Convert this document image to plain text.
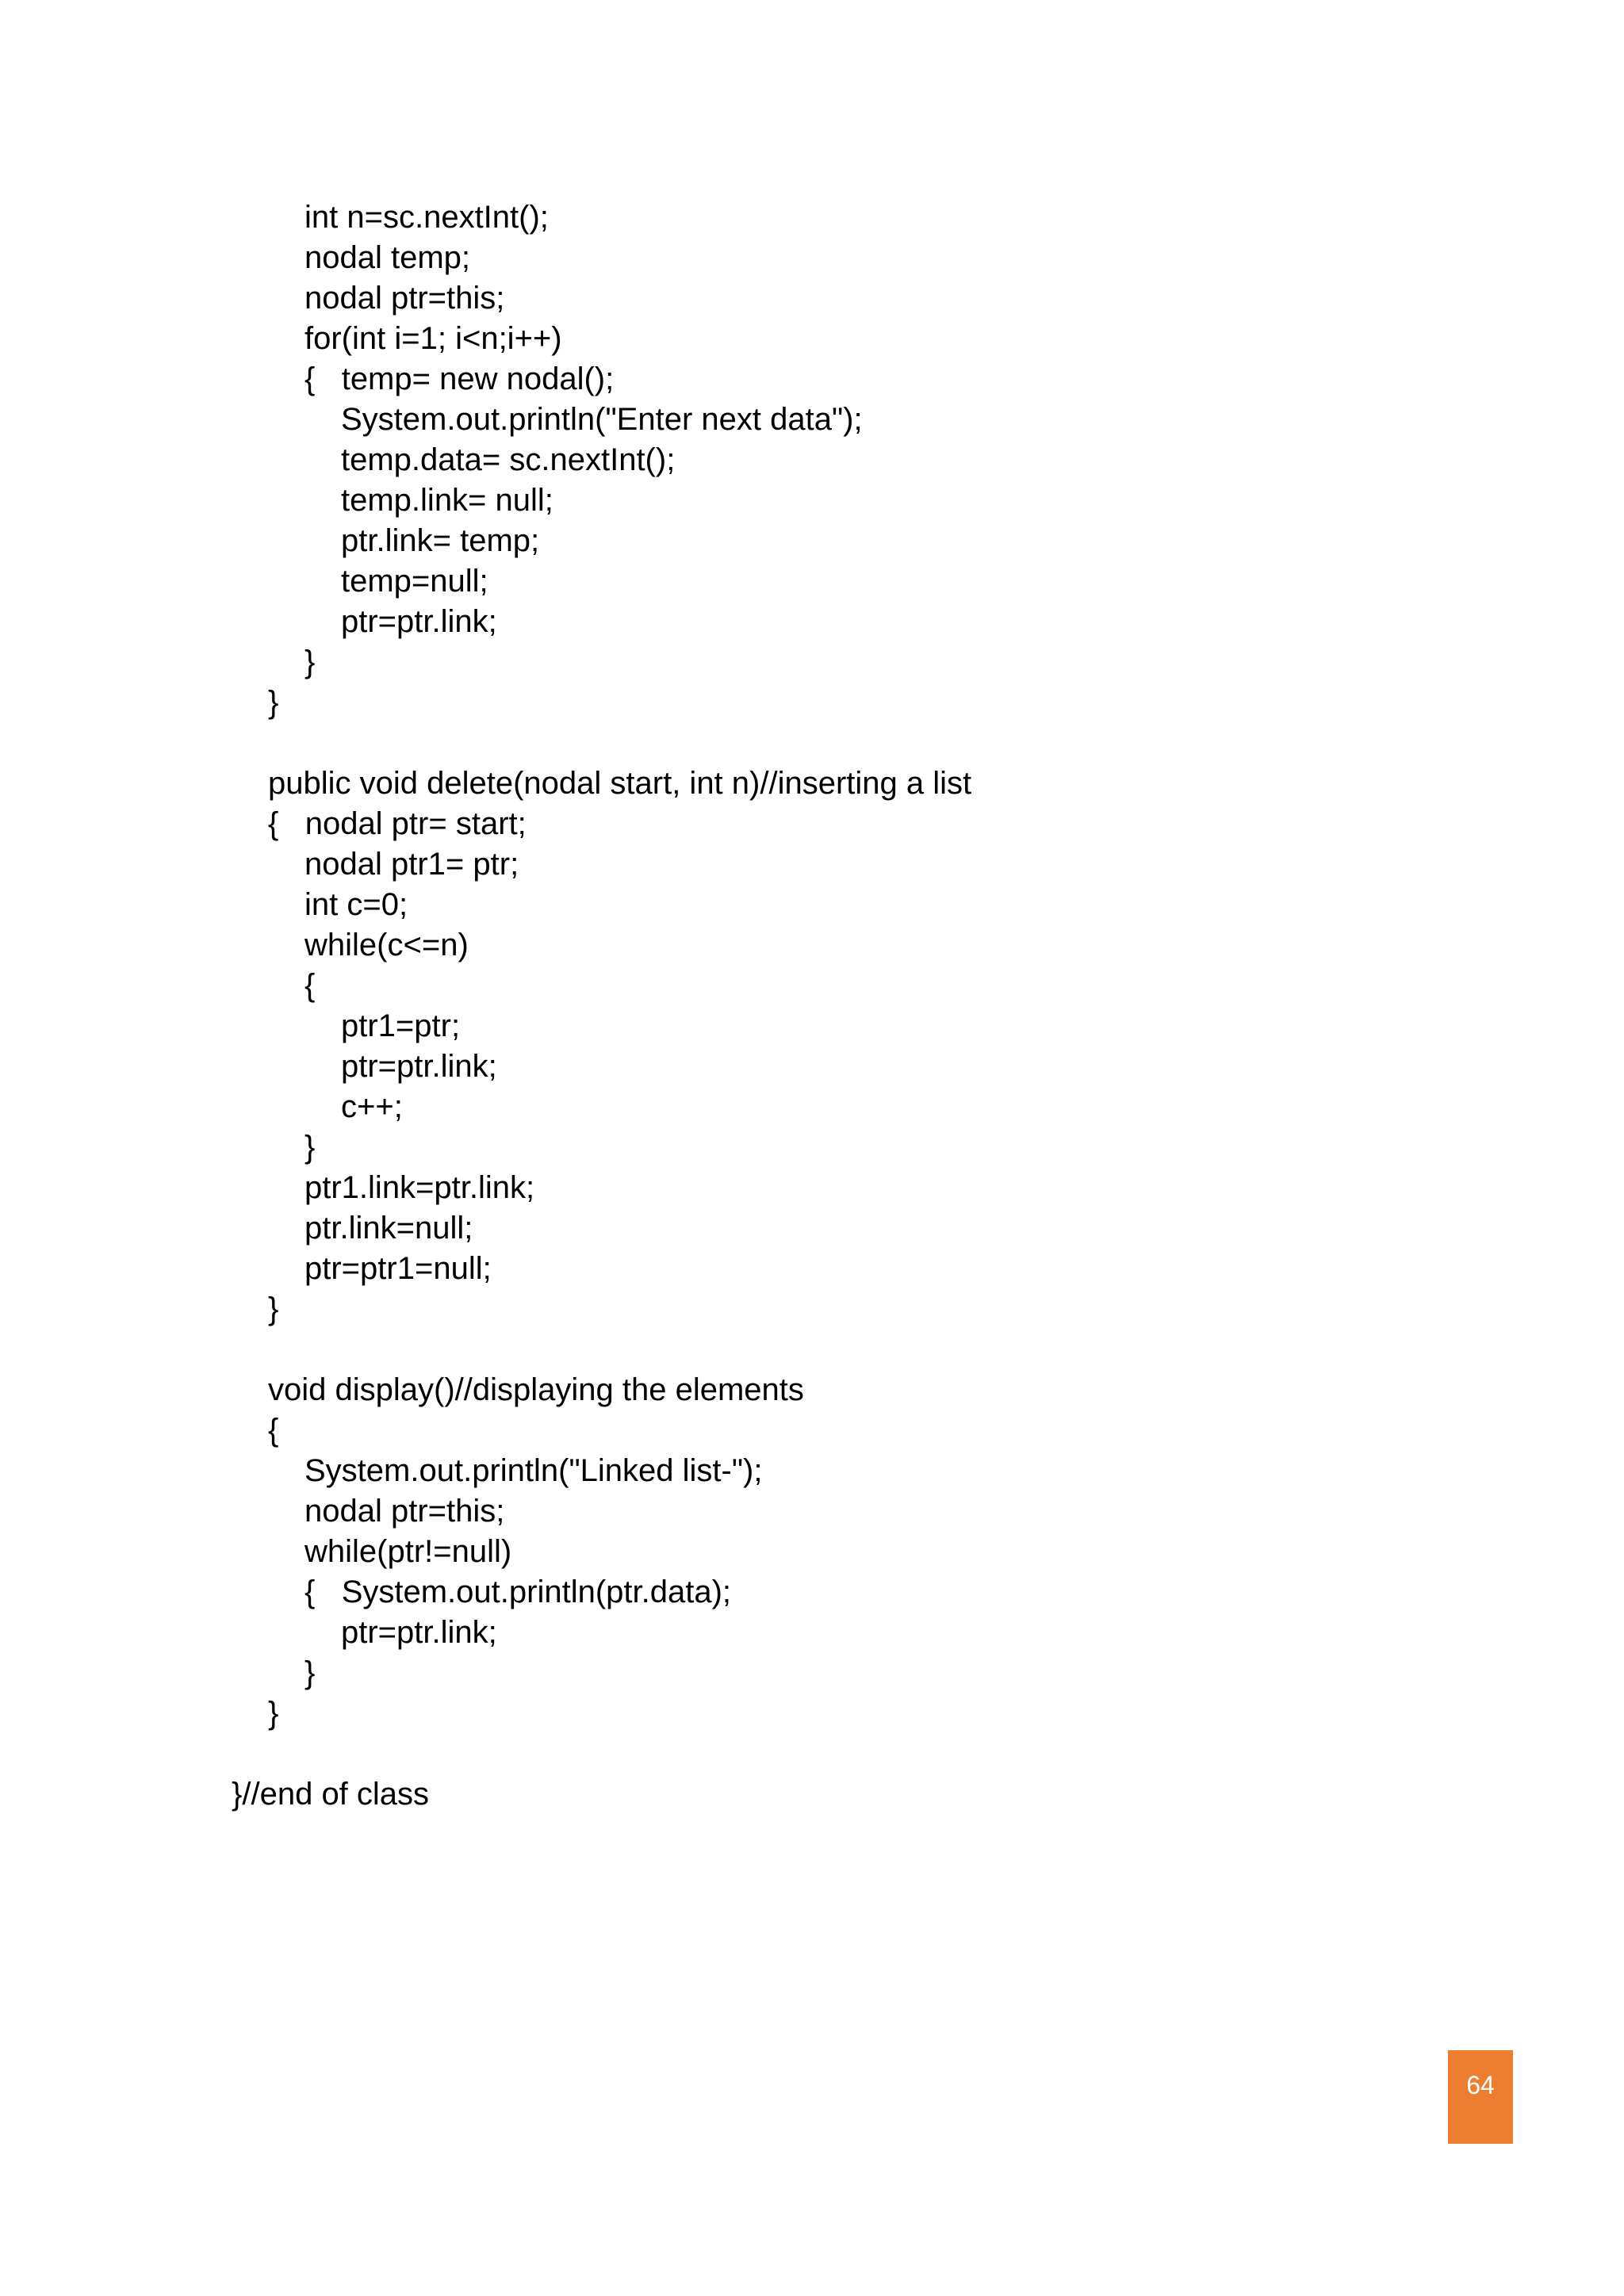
int n=sc.nextInt();
nodal temp;
nodal ptr=this;
for(int i=1; i<n;i++)
{   temp= new nodal();
System.out.println("Enter next data");
temp.data= sc.nextInt();
temp.link= null;
ptr.link= temp;
temp=null;
ptr=ptr.link;
}
}
public void delete(nodal start, int n)//inserting a list
{   nodal ptr= start;
nodal ptr1= ptr;
int c=0;
while(c<=n)
{
ptr1=ptr;
ptr=ptr.link;
c++;
}
ptr1.link=ptr.link;
ptr.link=null;
ptr=ptr1=null;
}
void display()//displaying the elements
{
System.out.println("Linked list-");
nodal ptr=this;
while(ptr!=null)
{   System.out.println(ptr.data);
ptr=ptr.link;
}
}
}//end of class
64
